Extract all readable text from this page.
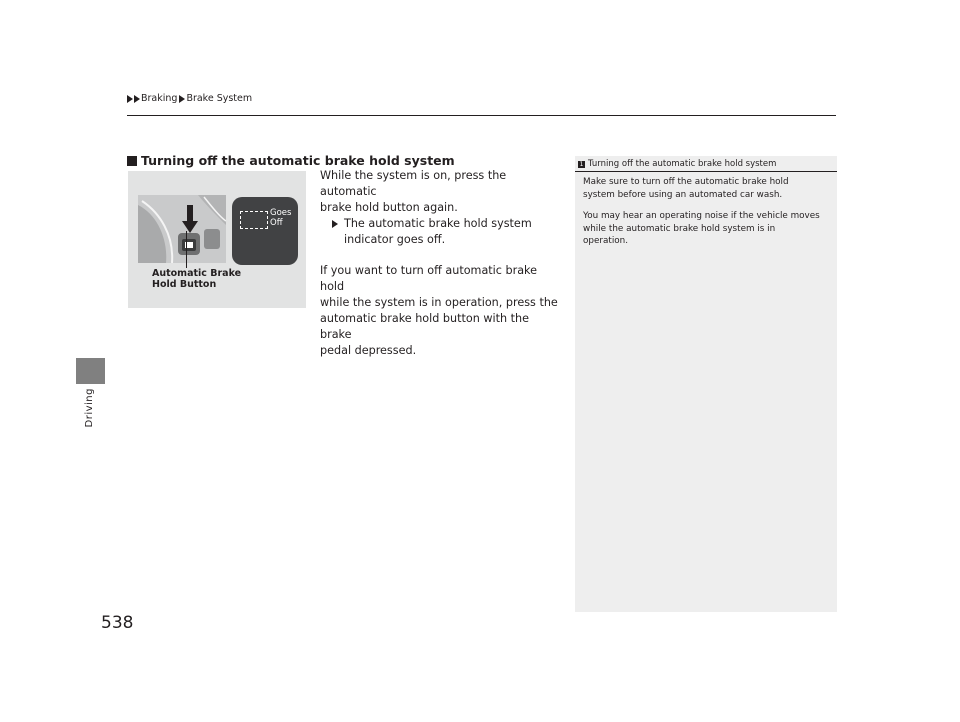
Braking Brake System
Driving
538
Turning off the automatic brake hold system
Goes
Off
Automatic Brake
Hold Button

While the system is on, press the automatic
brake hold button again.

The automatic brake hold system
indicator goes off.

If you want to turn off automatic brake hold
while the system is in operation, press the
automatic brake hold button with the brake
pedal depressed.

1 Turning off the automatic brake hold system

Make sure to turn off the automatic brake hold
system before using an automated car wash.

You may hear an operating noise if the vehicle moves
while the automatic brake hold system is in
operation.
